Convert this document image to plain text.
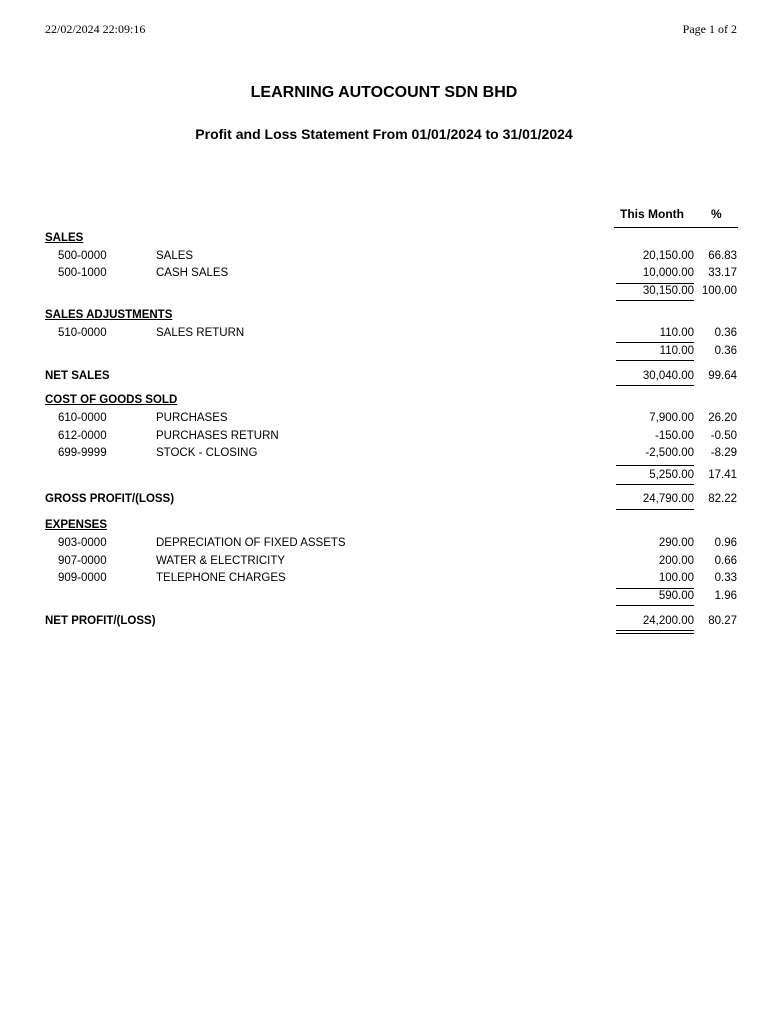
22/02/2024 22:09:16	Page 1 of 2
LEARNING AUTOCOUNT SDN BHD
Profit and Loss Statement From 01/01/2024 to 31/01/2024
This Month %
SALES
500-0000	SALES	20,150.00 66.83
500-1000	CASH SALES	10,000.00 33.17
30,150.00 100.00
SALES ADJUSTMENTS
510-0000	SALES RETURN	110.00 0.36
110.00 0.36
NET SALES	30,040.00 99.64
COST OF GOODS SOLD
610-0000	PURCHASES	7,900.00 26.20
612-0000	PURCHASES RETURN	-150.00 -0.50
699-9999	STOCK - CLOSING	-2,500.00 -8.29
5,250.00 17.41
GROSS PROFIT/(LOSS)	24,790.00 82.22
EXPENSES
903-0000	DEPRECIATION OF FIXED ASSETS	290.00 0.96
907-0000	WATER & ELECTRICITY	200.00 0.66
909-0000	TELEPHONE CHARGES	100.00 0.33
590.00 1.96
NET PROFIT/(LOSS)	24,200.00 80.27
